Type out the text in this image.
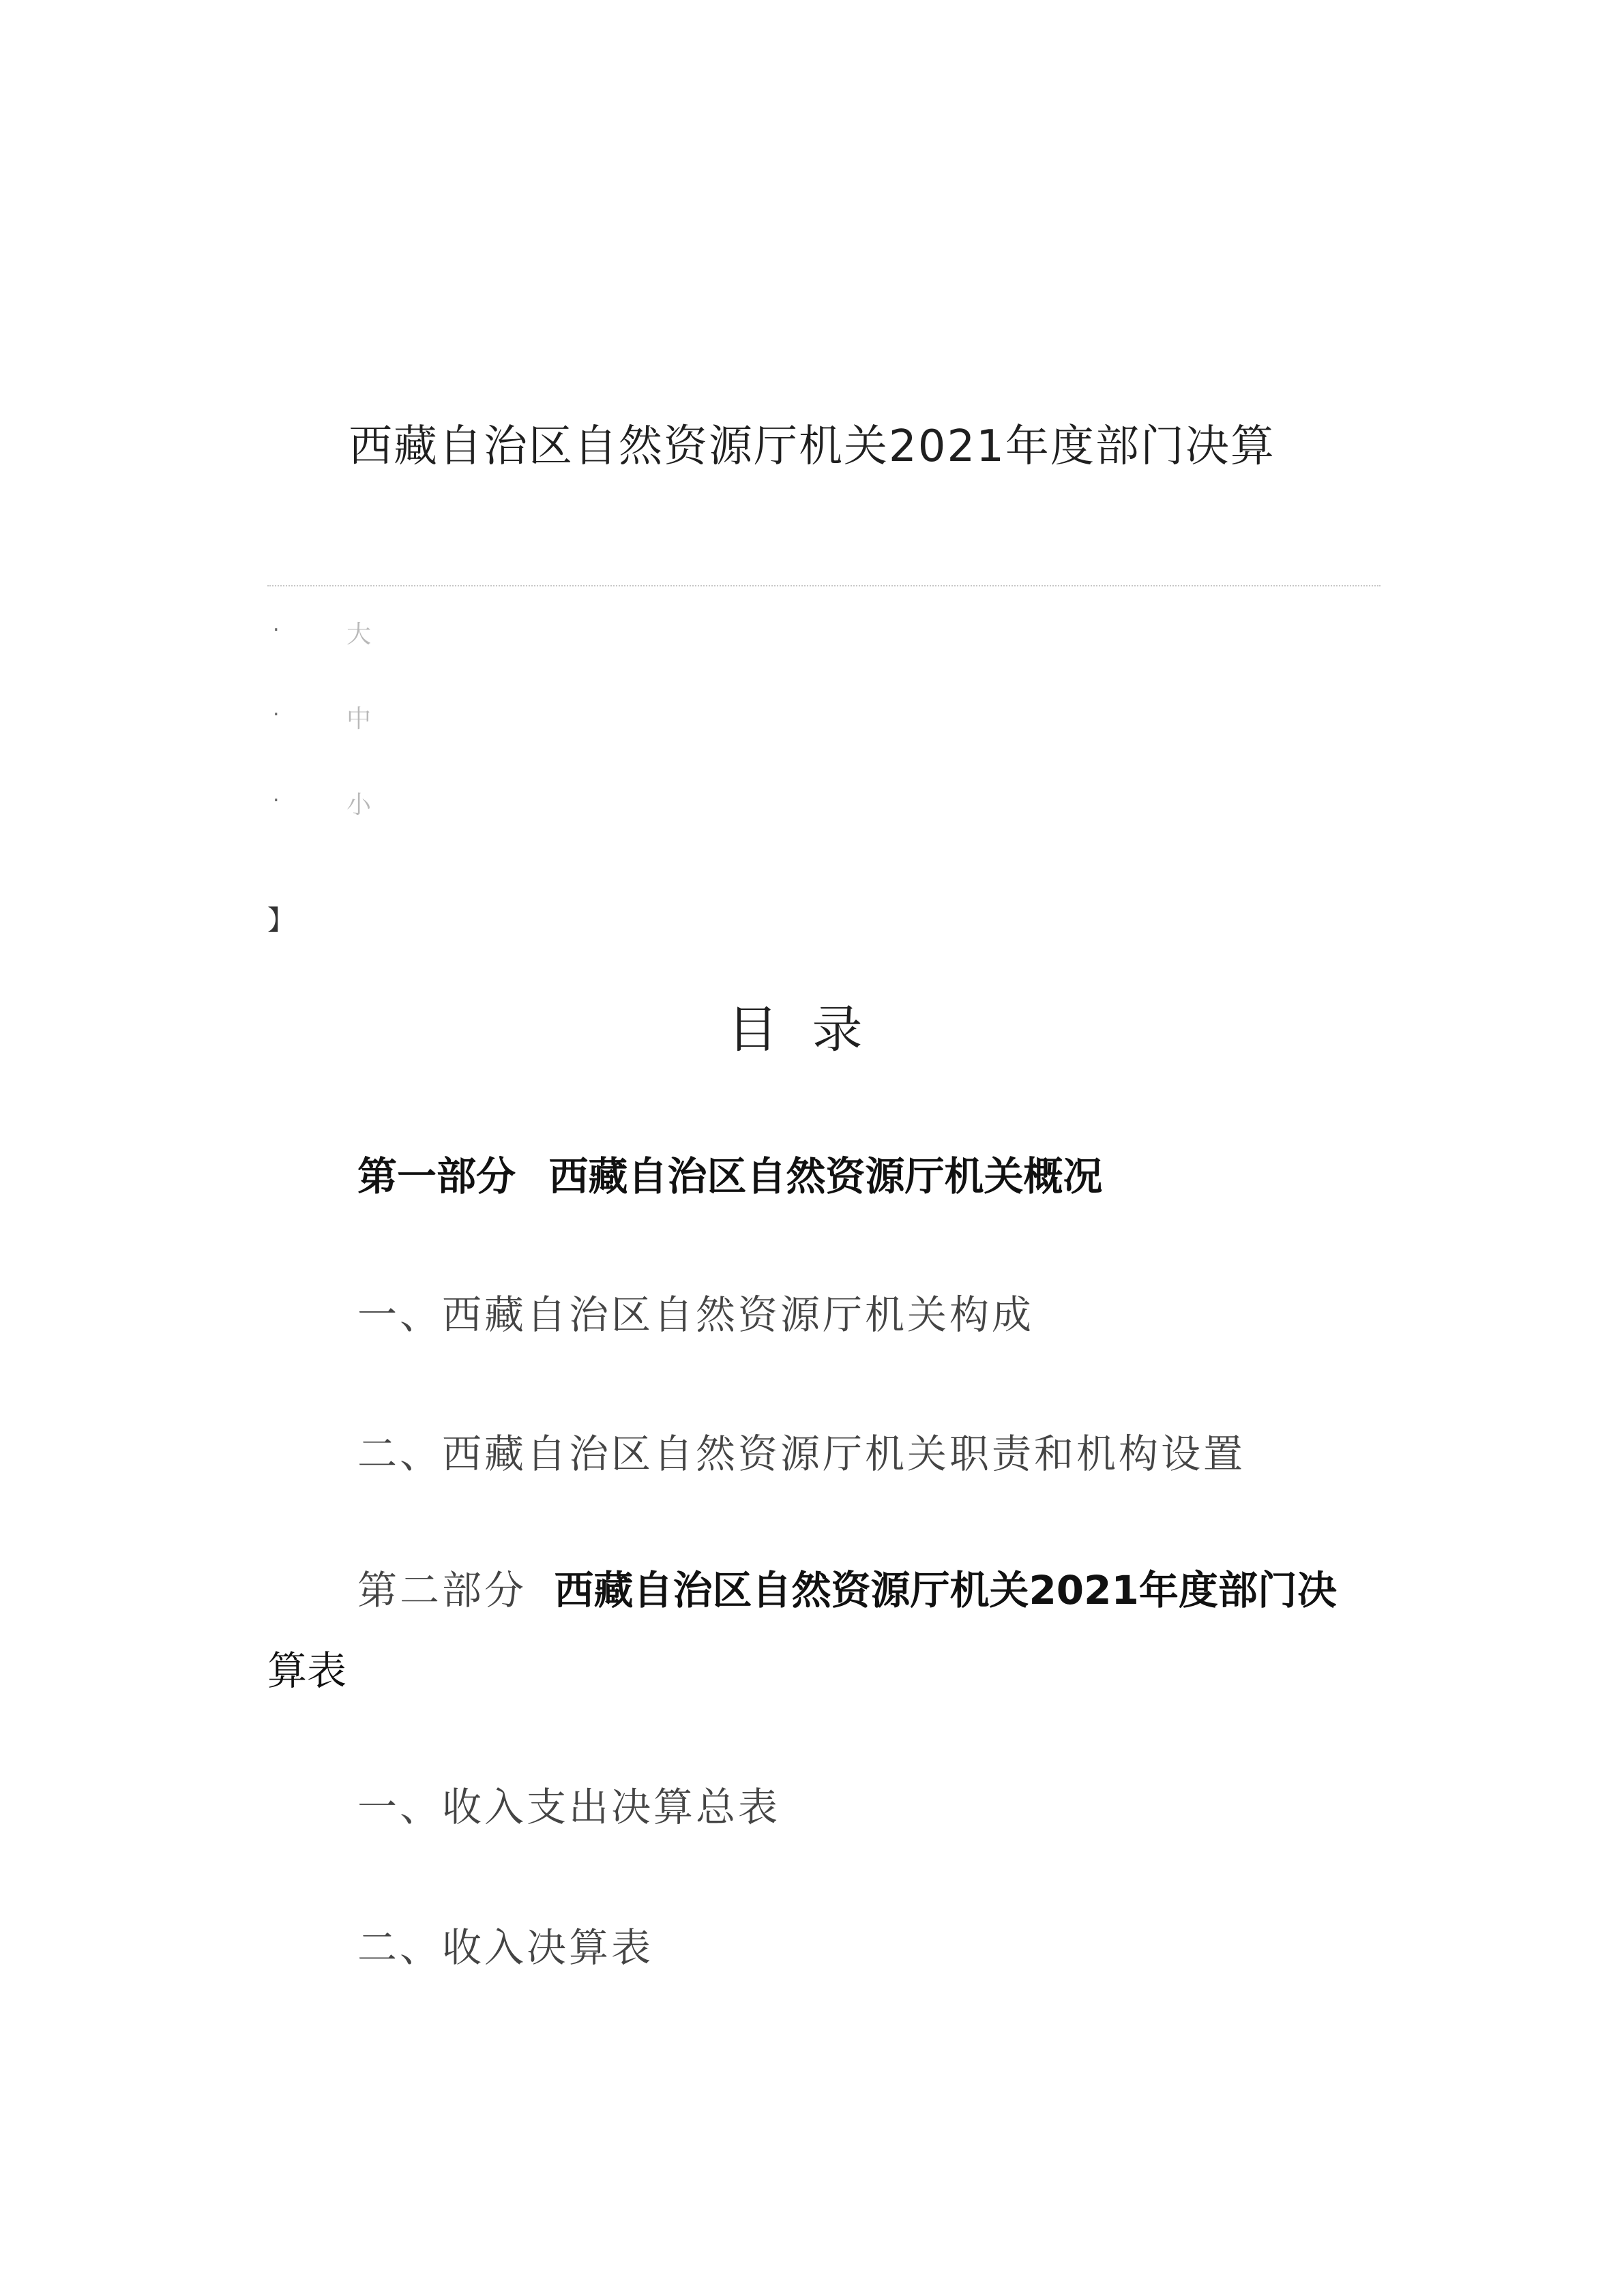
西藏自治区自然资源厅机关2021年度部门决算
.	大
.	中
.	小
】
目录
第一部分 西藏自治区自然资源厅机关概况
一、西藏自治区自然资源厅机关构成
二、西藏自治区自然资源厅机关职责和机构设置
第二部分 西藏自治区自然资源厅机关2021年度部门决
算表
一、收入支出决算总表
二、收入决算表
